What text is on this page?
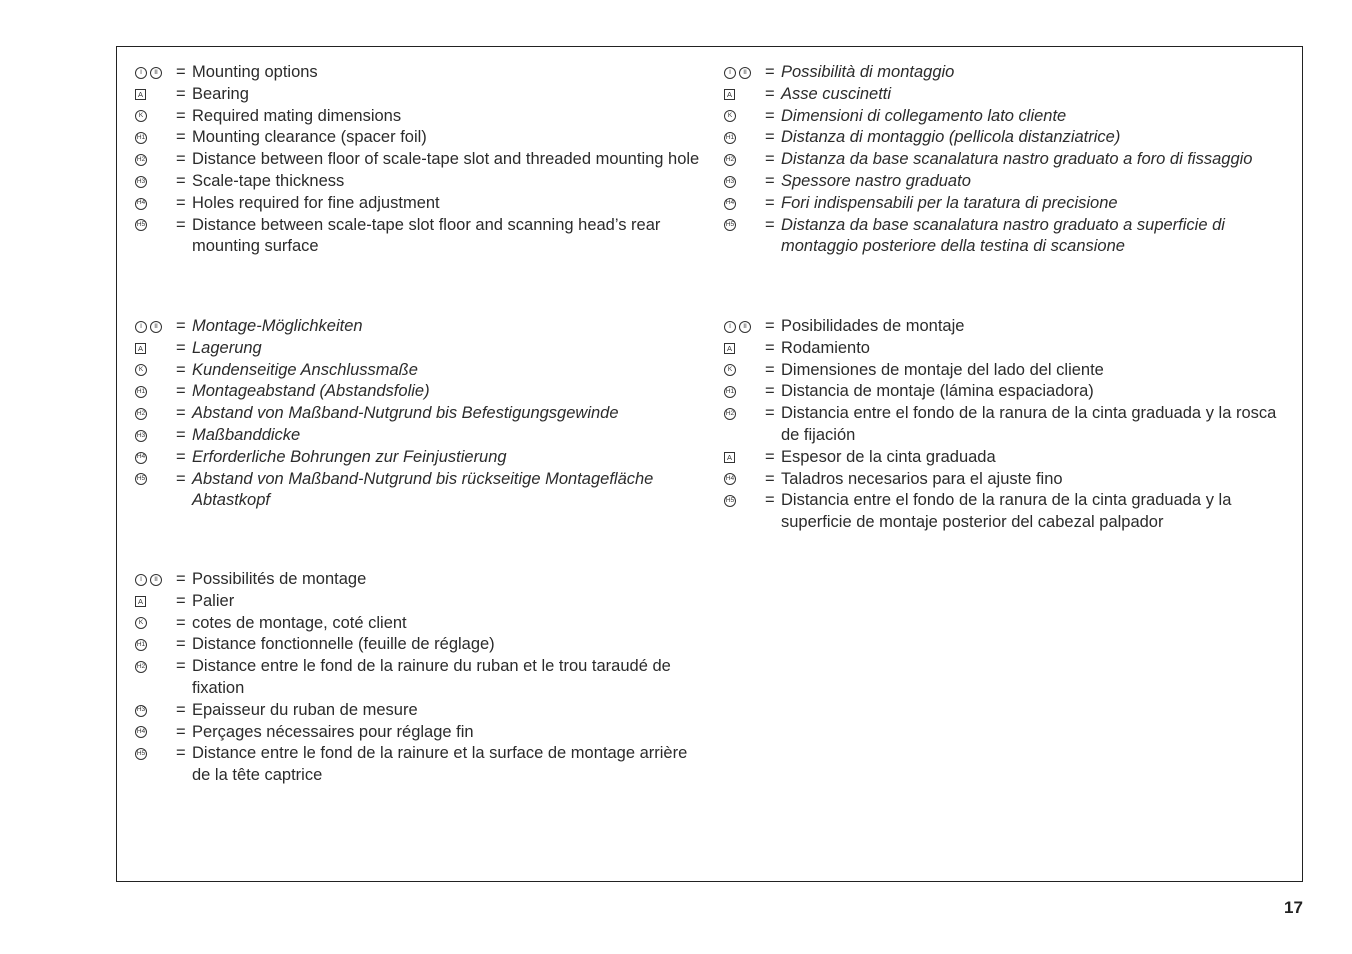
I	II = Mounting options
A = Bearing
K = Required mating dimensions
H1 = Mounting clearance (spacer foil)
H2 = Distance between floor of scale-tape slot and threaded mounting hole
H3 = Scale-tape thickness
H4 = Holes required for fine adjustment
H5 = Distance between scale-tape slot floor and scanning head’s rear mounting surface
I	II = Montage-Möglichkeiten
A = Lagerung
K = Kundenseitige Anschlussmaße
H1 = Montageabstand (Abstandsfolie)
H2 = Abstand von Maßband-Nutgrund bis Befestigungsgewinde
H3 = Maßbanddicke
H4 = Erforderliche Bohrungen zur Feinjustierung
H5 = Abstand von Maßband-Nutgrund bis rückseitige Montagefläche Abtastkopf
I	II = Possibilités de montage
A = Palier
K = cotes de montage, coté client
H1 = Distance fonctionnelle (feuille de réglage)
H2 = Distance entre le fond de la rainure du ruban et le trou taraudé de fixation
H3 = Epaisseur du ruban de mesure
H4 = Perçages nécessaires pour réglage fin
H5 = Distance entre le fond de la rainure et la surface de montage arrière de la tête captrice
I	II = Possibilità di montaggio
A = Asse cuscinetti
K = Dimensioni di collegamento lato cliente
H1 = Distanza di montaggio (pellicola distanziatrice)
H2 = Distanza da base scanalatura nastro graduato a foro di fissaggio
H3 = Spessore nastro graduato
H4 = Fori indispensabili per la taratura di precisione
H5 = Distanza da base scanalatura nastro graduato a superficie di montaggio posteriore della testina di scansione
I	II = Posibilidades de montaje
A = Rodamiento
K = Dimensiones de montaje del lado del cliente
H1 = Distancia de montaje (lámina espaciadora)
H2 = Distancia entre el fondo de la ranura de la cinta graduada y la rosca de fijación
A = Espesor de la cinta graduada
H4 = Taladros necesarios para el ajuste fino
H5 = Distancia entre el fondo de la ranura de la cinta graduada y la superficie de montaje posterior del cabezal palpador
17
